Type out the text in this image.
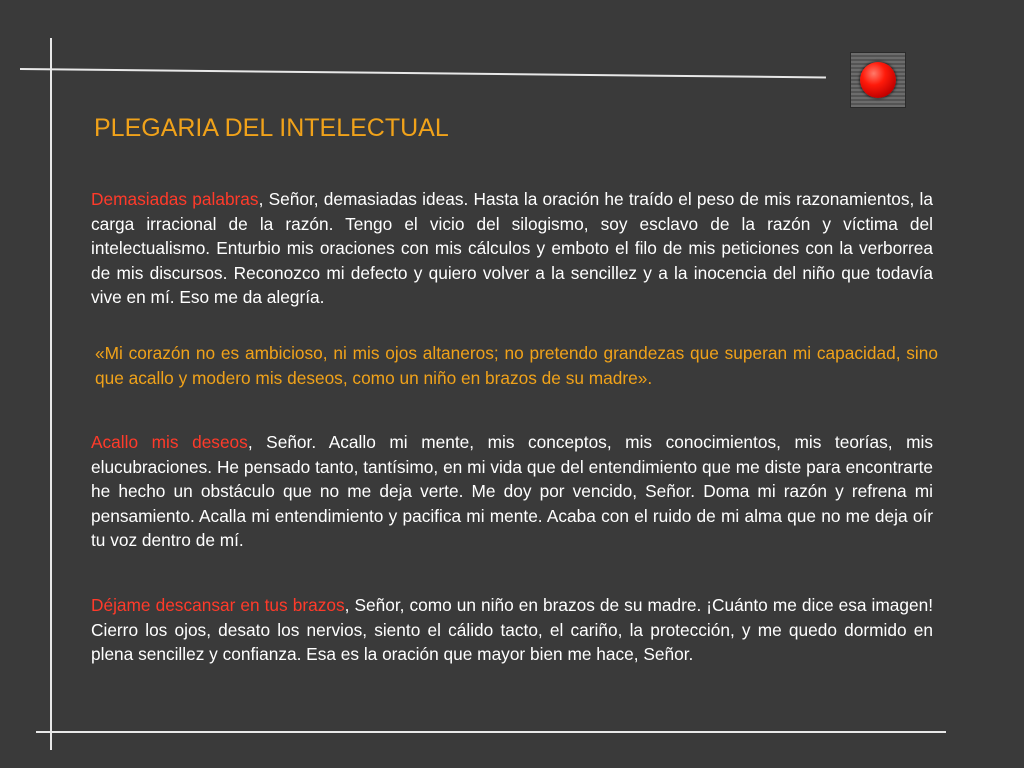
PLEGARIA DEL INTELECTUAL

Demasiadas palabras, Señor, demasiadas ideas. Hasta la oración he traído el peso de mis razonamientos, la carga irracional de la razón. Tengo el vicio del silogismo, soy esclavo de la razón y víctima del intelectualismo. Enturbio mis oraciones con mis cálculos y emboto el filo de mis peticiones con la verborrea de mis discursos. Reconozco mi defecto y quiero volver a la sencillez y a la inocencia del niño que todavía vive en mí. Eso me da alegría.

«Mi corazón no es ambicioso, ni mis ojos altaneros; no pretendo grandezas que superan mi capacidad, sino que acallo y modero mis deseos, como un niño en brazos de su madre».

Acallo mis deseos, Señor. Acallo mi mente, mis conceptos, mis conocimientos, mis teorías, mis elucubraciones. He pensado tanto, tantísimo, en mi vida que del entendimiento que me diste para encontrarte he hecho un obstáculo que no me deja verte. Me doy por vencido, Señor. Doma mi razón y refrena mi pensamiento. Acalla mi entendimiento y pacifica mi mente. Acaba con el ruido de mi alma que no me deja oír tu voz dentro de mí.

Déjame descansar en tus brazos, Señor, como un niño en brazos de su madre. ¡Cuánto me dice esa imagen! Cierro los ojos, desato los nervios, siento el cálido tacto, el cariño, la protección, y me quedo dormido en plena sencillez y confianza. Esa es la oración que mayor bien me hace, Señor.
